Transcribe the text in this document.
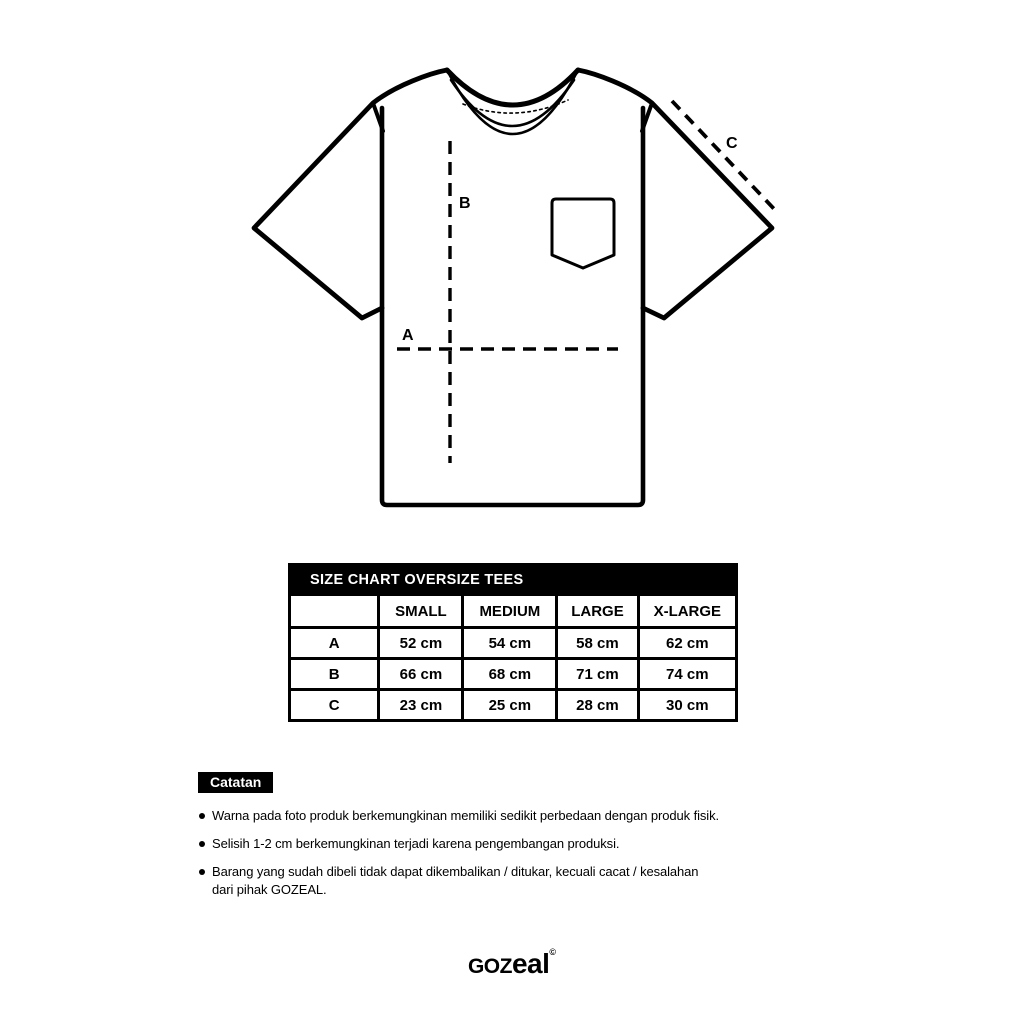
A
B
C
SIZE CHART OVERSIZE TEES
	SMALL	MEDIUM	LARGE	X-LARGE
A	52 cm	54 cm	58 cm	62 cm
B	66 cm	68 cm	71 cm	74 cm
C	23 cm	25 cm	28 cm	30 cm
Catatan
Warna pada foto produk berkemungkinan memiliki sedikit perbedaan dengan produk fisik.
Selisih 1-2 cm berkemungkinan terjadi karena pengembangan produksi.
Barang yang sudah dibeli tidak dapat dikembalikan / ditukar, kecuali cacat / kesalahan dari pihak GOZEAL.
GOZeal©
